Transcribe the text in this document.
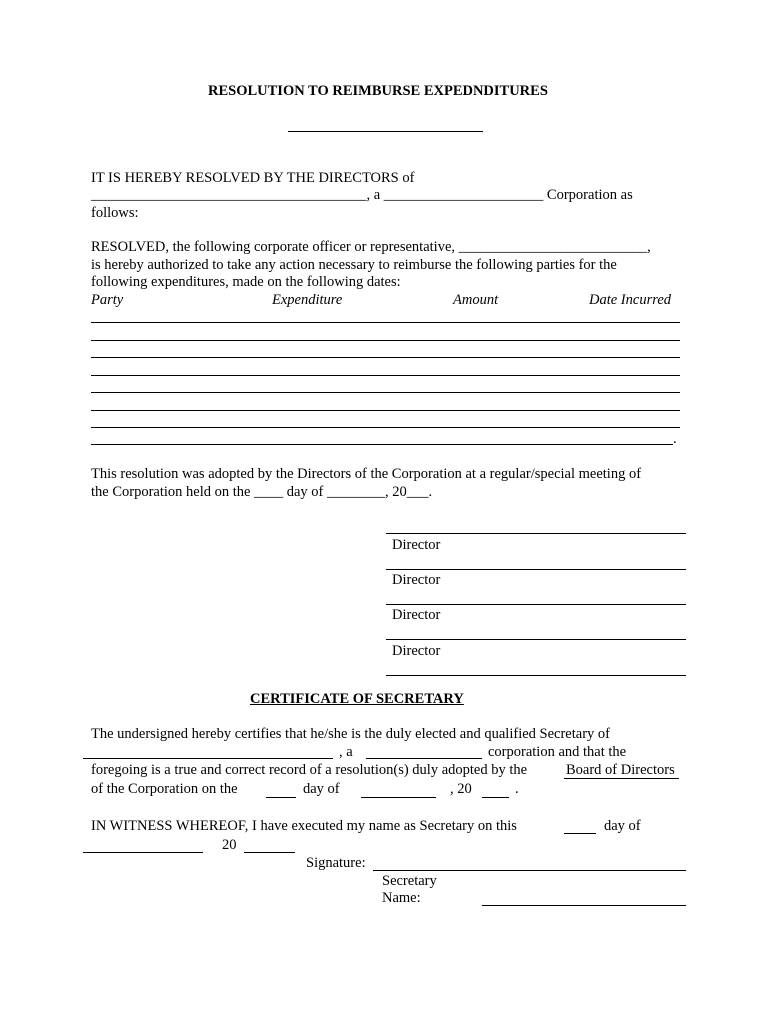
RESOLUTION TO REIMBURSE EXPEDNDITURES
IT IS HEREBY RESOLVED BY THE DIRECTORS of
______________________________________, a ______________________ Corporation as
follows:
RESOLVED, the following corporate officer or representative, __________________________,
is hereby authorized to take any action necessary to reimburse the following parties for the
following expenditures, made on the following dates:
Party	Expenditure	Amount	Date Incurred
.
This resolution was adopted by the Directors of the Corporation at a regular/special meeting of
the Corporation held on the ____ day of ________, 20___.
Director
Director
Director
Director
CERTIFICATE OF SECRETARY
The undersigned hereby certifies that he/she is the duly elected and qualified Secretary of
, a	corporation and that the
foregoing is a true and correct record of a resolution(s) duly adopted by the	Board of Directors
of the Corporation on the	day of	, 20	.
IN WITNESS WHEREOF, I have executed my name as Secretary on this	day of
20
Signature:
Secretary
Name:
